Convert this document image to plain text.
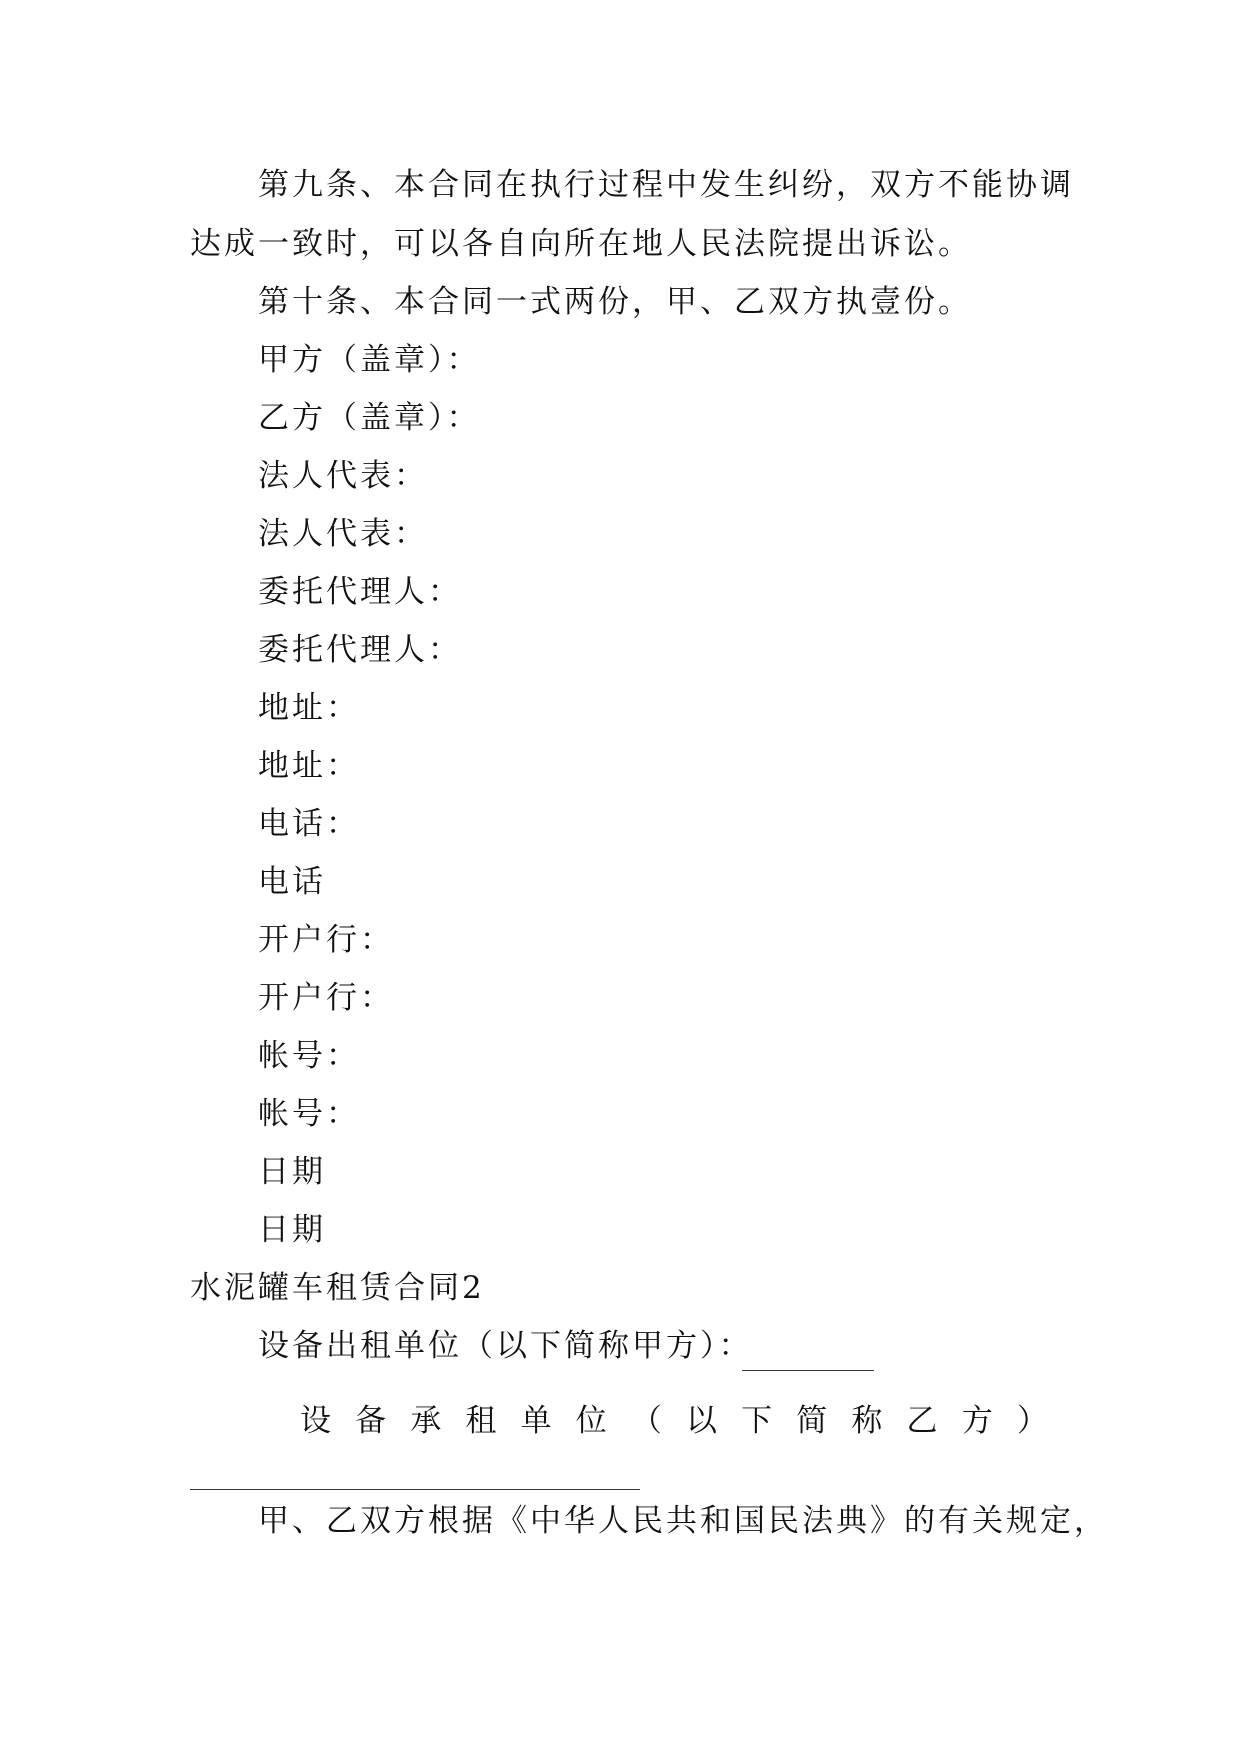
第九条、本合同在执行过程中发生纠纷，双方不能协调
达成一致时，可以各自向所在地人民法院提出诉讼。
第十条、本合同一式两份，甲、乙双方执壹份。
甲方（盖章）：
乙方（盖章）：
法人代表：
法人代表：
委托代理人：
委托代理人：
地址：
地址：
电话：
电话
开户行：
开户行：
帐号：
帐号：
日期
日期
水泥罐车租赁合同2
设备出租单位（以下简称甲方）：
设 备 承 租 单 位 （ 以 下 简 称 乙 方 ）
甲、乙双方根据《中华人民共和国民法典》的有关规定，
